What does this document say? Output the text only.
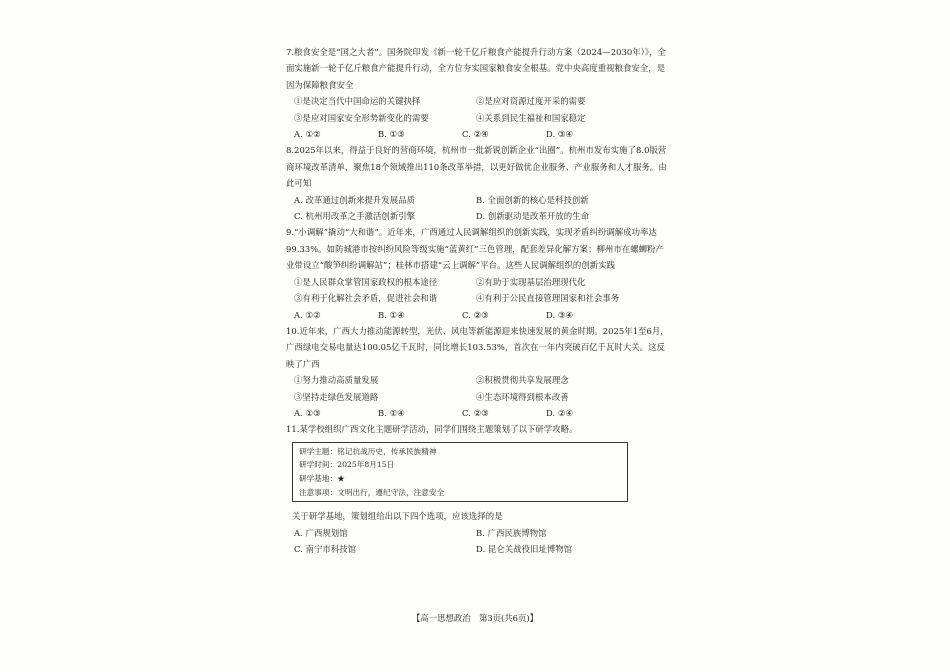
7.粮食安全是“国之大者”。国务院印发《新一轮千亿斤粮食产能提升行动方案（2024—2030年）》，全面实施新一轮千亿斤粮食产能提升行动，全方位夯实国家粮食安全根基。党中央高度重视粮食安全，是因为保障粮食安全
①是决定当代中国命运的关键抉择	②是应对资源过度开采的需要
③是应对国家安全形势新变化的需要	④关系到民生福祉和国家稳定
A. ①②	B. ①③	C. ②④	D. ③④
8.2025年以来，得益于良好的营商环境，杭州市一批新锐创新企业“出圈”。杭州市发布实施了8.0版营商环境改革清单，聚焦18个领域推出110条改革举措，以更好做优企业服务、产业服务和人才服务。由此可知
A. 改革通过创新来提升发展品质	B. 全面创新的核心是科技创新
C. 杭州用改革之手激活创新引擎	D. 创新驱动是改革开放的生命
9.“小调解”撬动“大和谐”。近年来，广西通过人民调解组织的创新实践，实现矛盾纠纷调解成功率达99.33%。如防城港市按纠纷风险等级实施“蓝黄红”三色管理，配套差异化解方案；柳州市在螺蛳粉产业带设立“酸笋纠纷调解站”；桂林市搭建“云上调解”平台。这些人民调解组织的创新实践
①是人民群众掌管国家政权的根本途径	②有助于实现基层治理现代化
③有利于化解社会矛盾，促进社会和谐	④有利于公民直接管理国家和社会事务
A. ①②	B. ①④	C. ②③	D. ③④
10.近年来，广西大力推动能源转型，光伏、风电等新能源迎来快速发展的黄金时期。2025年1至6月，广西绿电交易电量达100.05亿千瓦时，同比增长103.53%，首次在一年内突破百亿千瓦时大关。这反映了广西
①努力推动高质量发展	②积极贯彻共享发展理念
③坚持走绿色发展道路	④生态环境得到根本改善
A. ①③	B. ①④	C. ②③	D. ②④
11.某学校组织广西文化主题研学活动，同学们围绕主题策划了以下研学攻略。
研学主题：铭记抗战历史，传承民族精神
研学时间：2025年8月15日
研学基地：★
注意事项：文明出行，遵纪守法，注意安全
关于研学基地，策划组给出以下四个选项，应该选择的是
A. 广西规划馆	B. 广西民族博物馆
C. 南宁市科技馆	D. 昆仑关战役旧址博物馆
【高一思想政治　第3页(共6页)】
